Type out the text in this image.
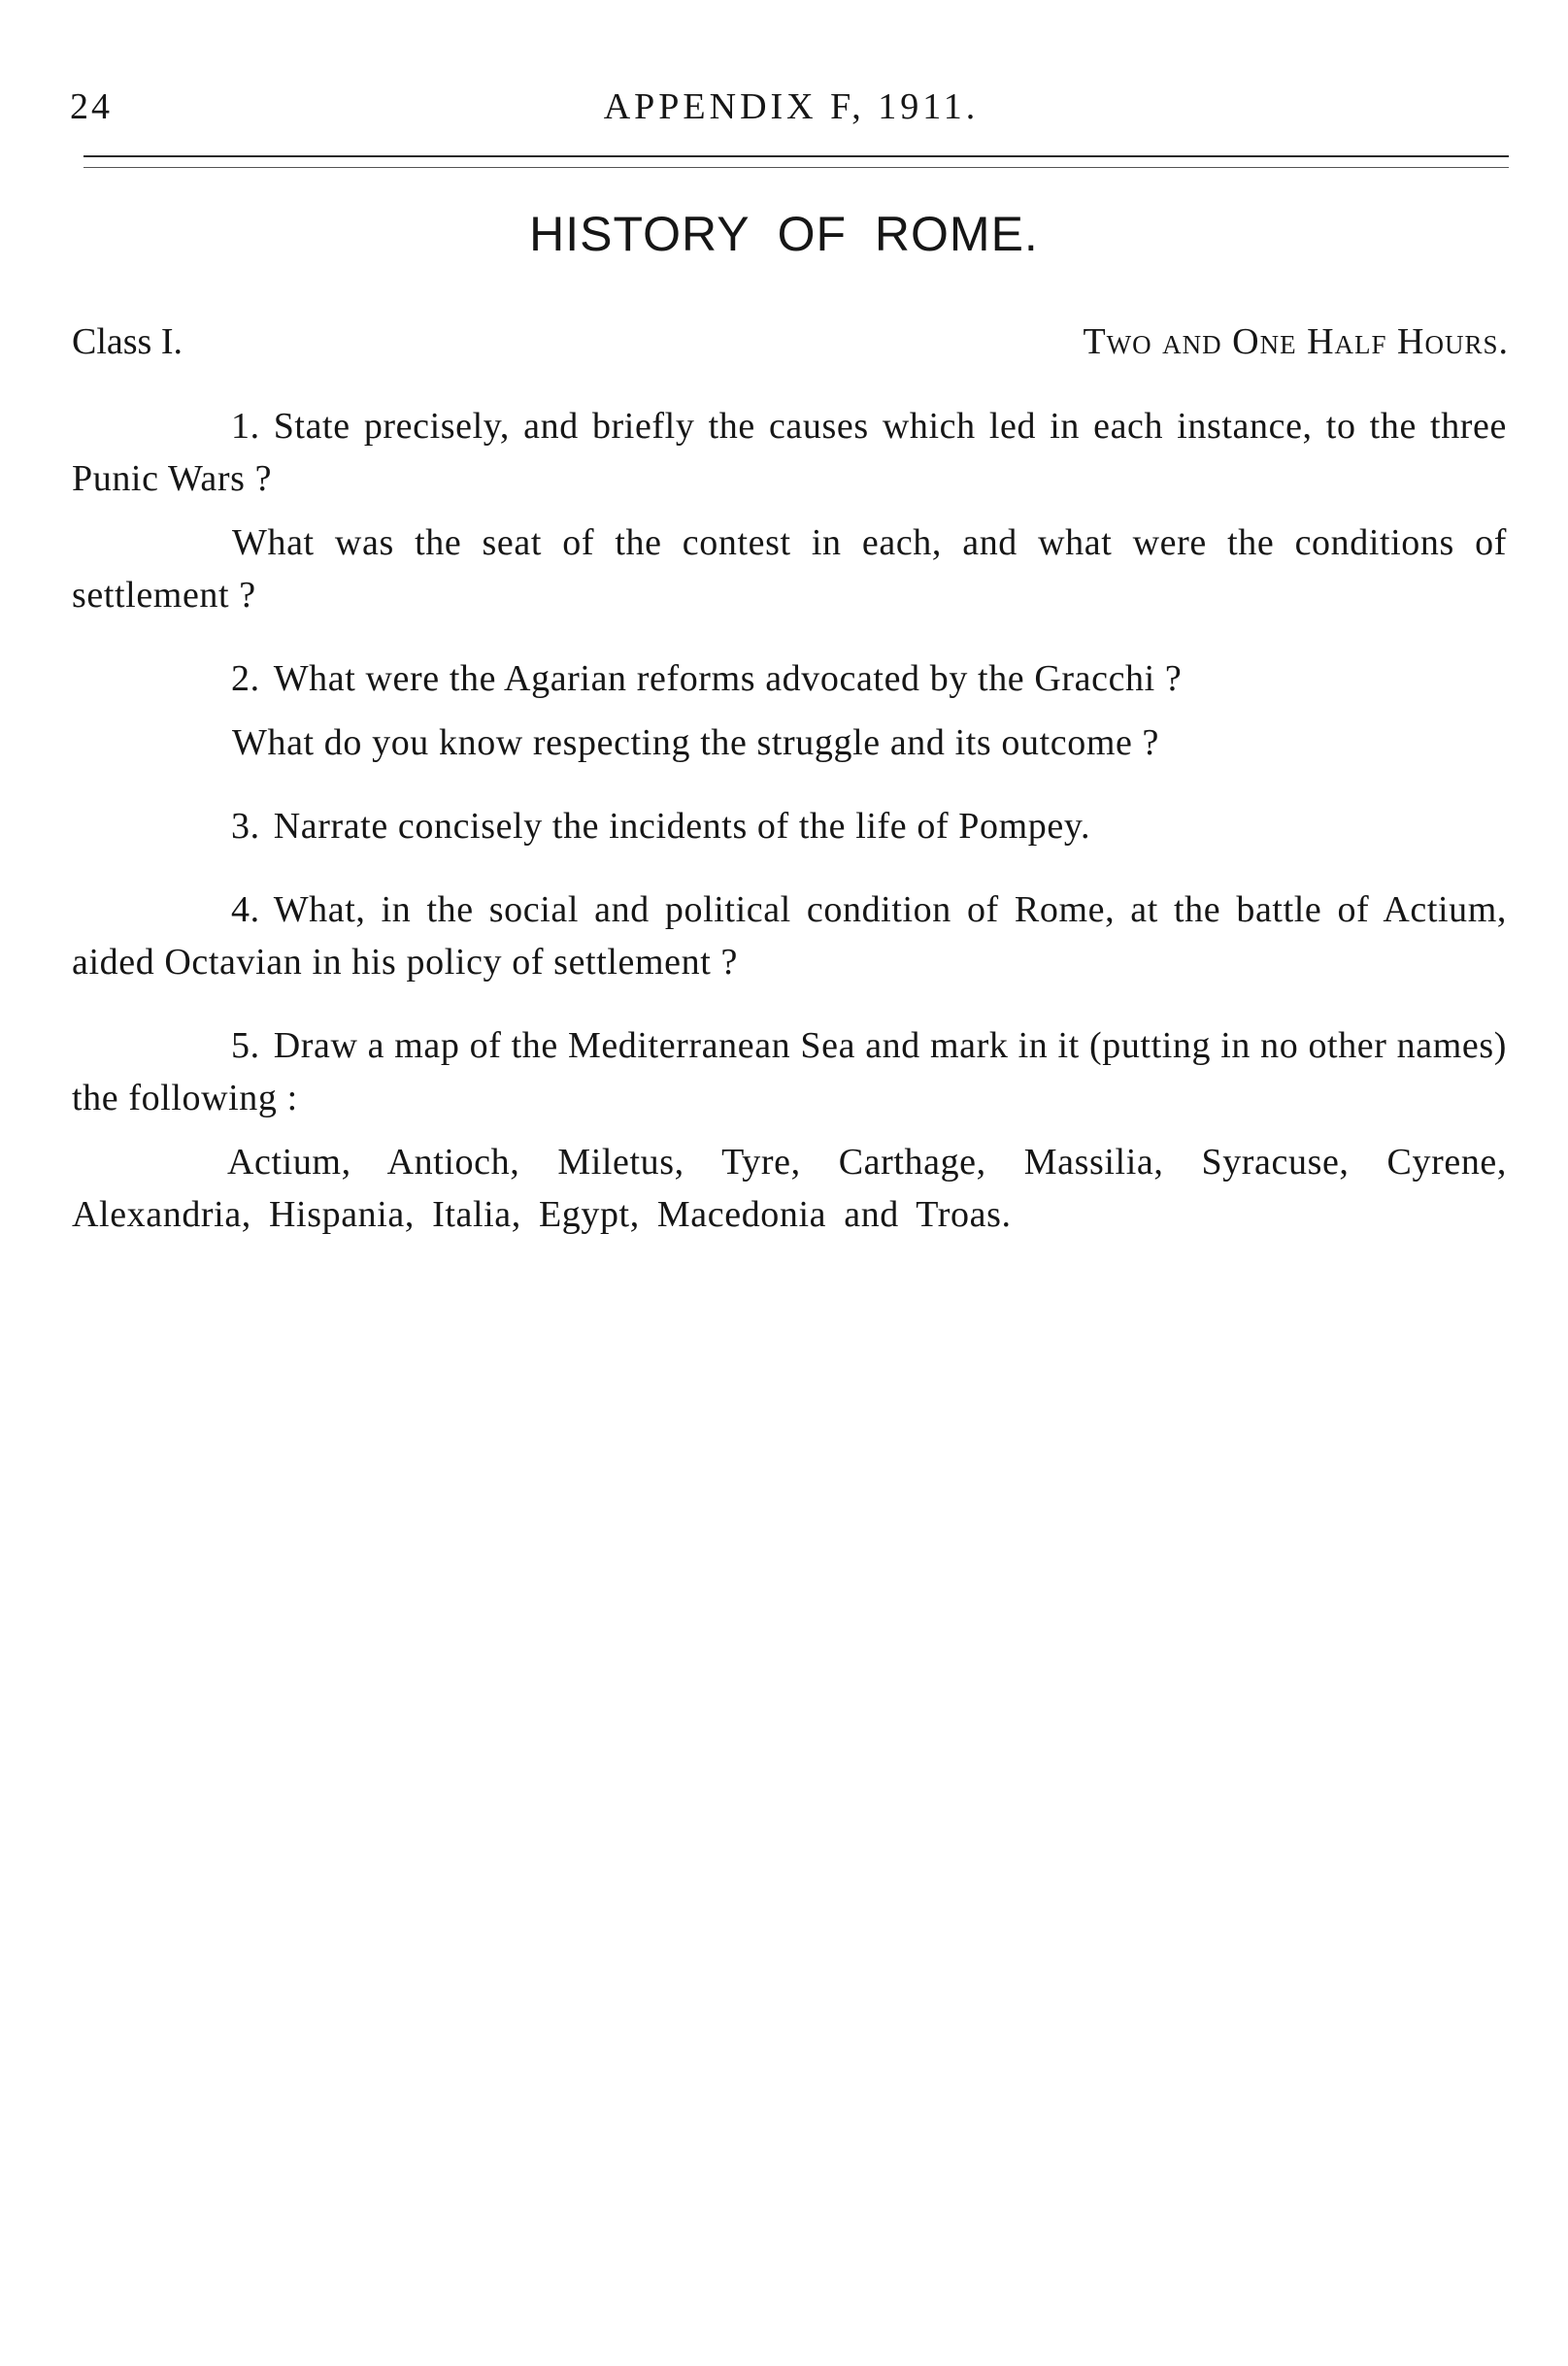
24	APPENDIX F, 1911.
HISTORY OF ROME.
Class I.	Two and One Half Hours.

1. State precisely, and briefly the causes which led in each instance, to the three Punic Wars ?

What was the seat of the contest in each, and what were the conditions of settlement ?

2. What were the Agarian reforms advocated by the Gracchi ?

What do you know respecting the struggle and its outcome ?

3. Narrate concisely the incidents of the life of Pompey.

4. What, in the social and political condition of Rome, at the battle of Actium, aided Octavian in his policy of settlement ?

5. Draw a map of the Mediterranean Sea and mark in it (putting in no other names) the following :

Actium, Antioch, Miletus, Tyre, Carthage, Massilia, Syracuse, Cyrene, Alexandria, Hispania, Italia, Egypt, Macedonia and Troas.
